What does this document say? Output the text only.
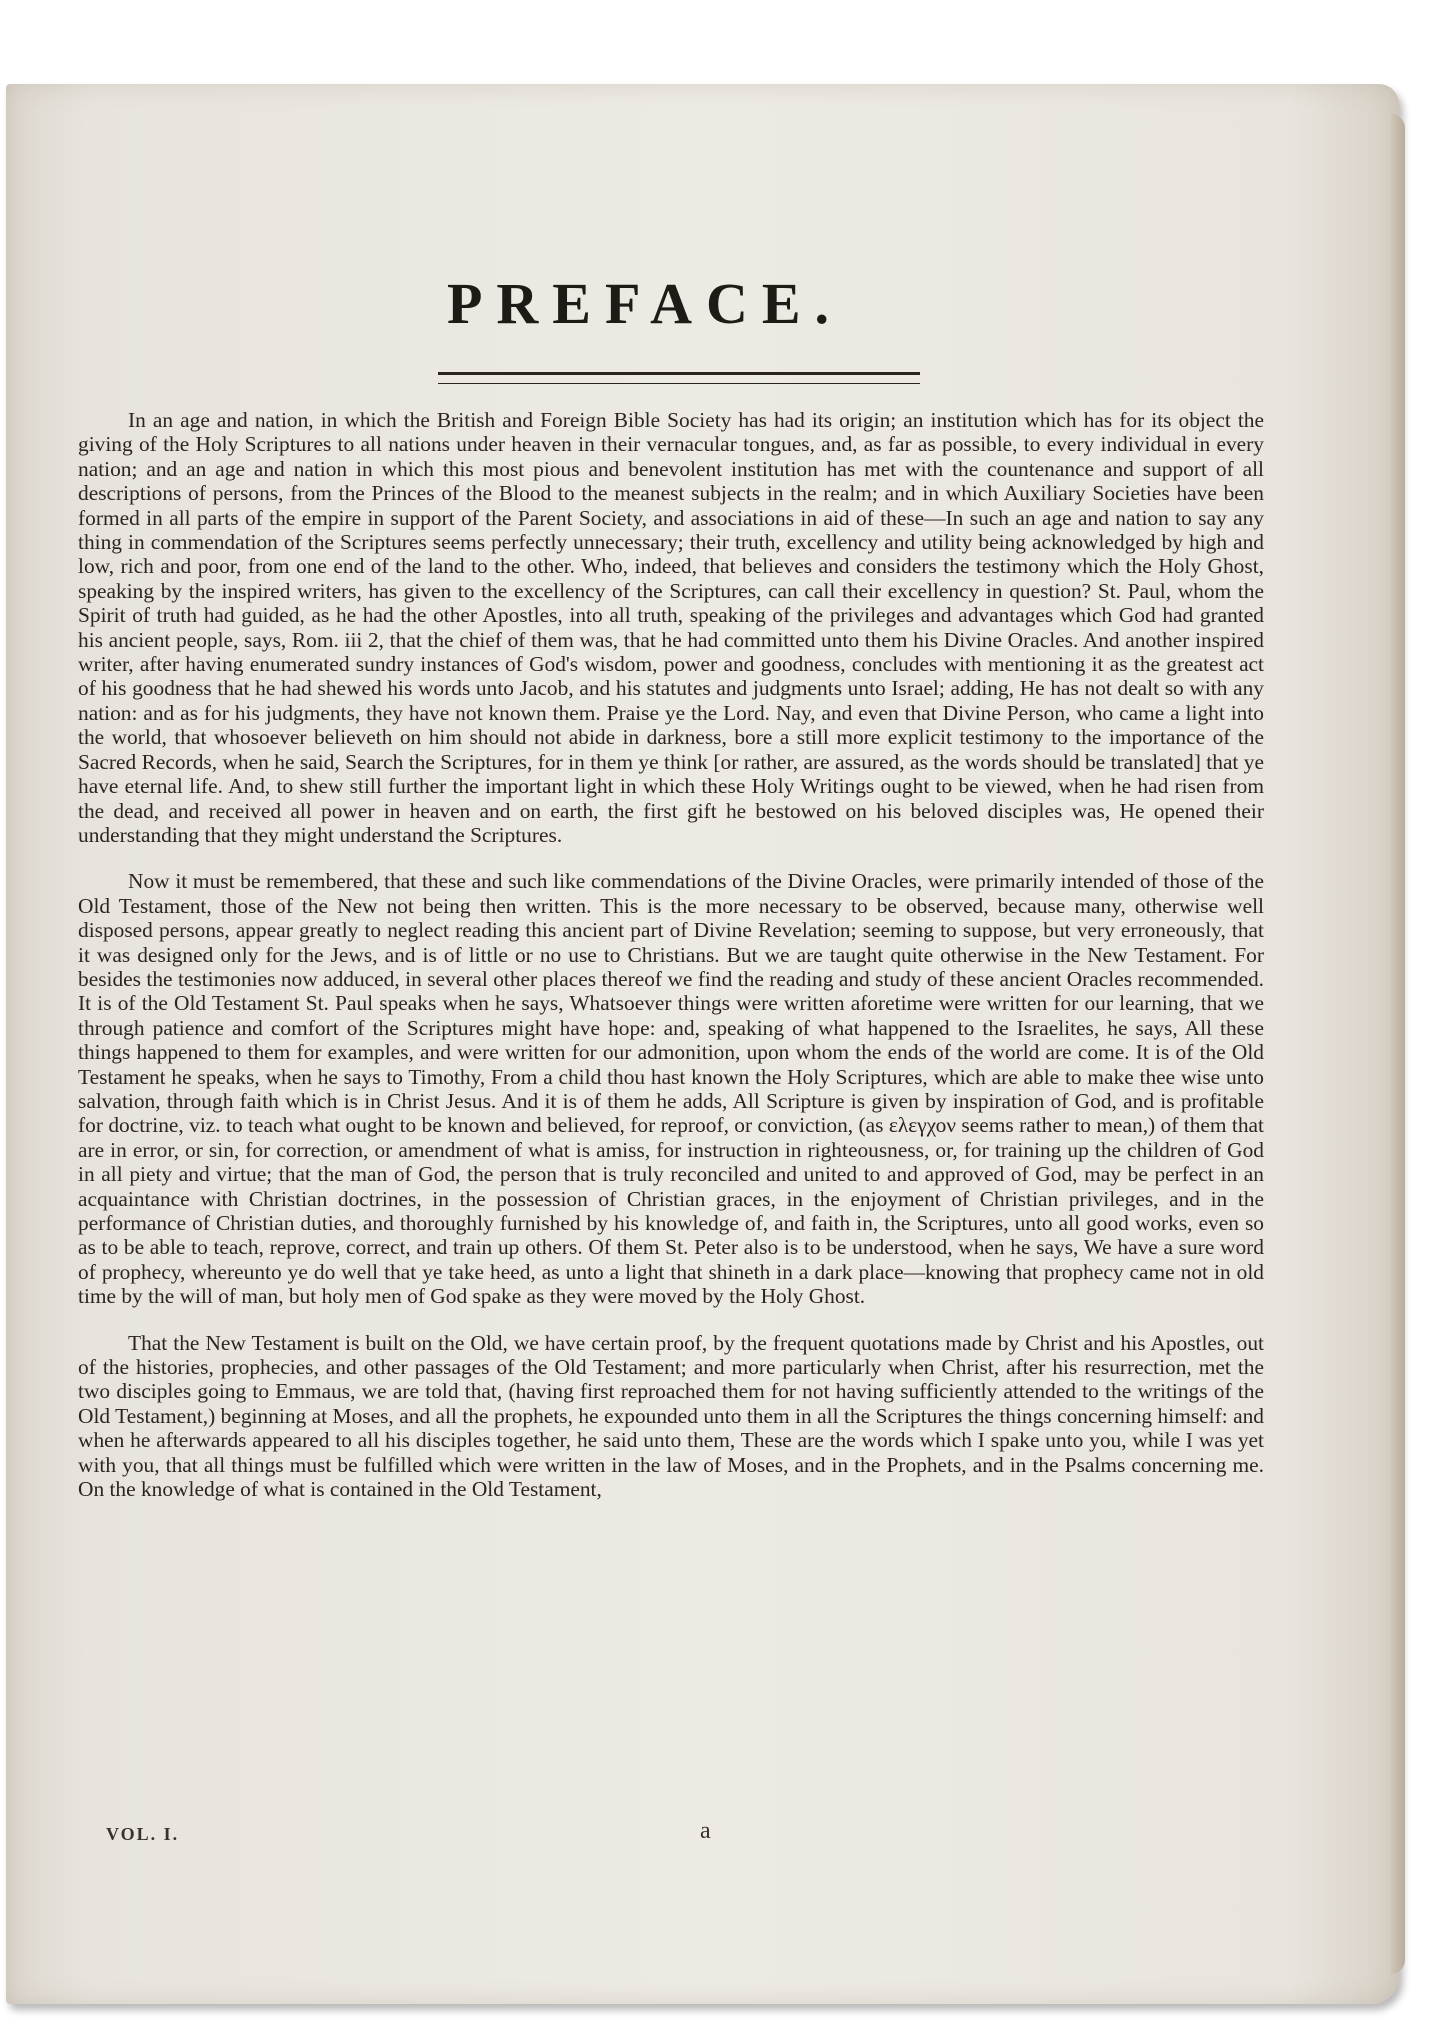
PREFACE.

In an age and nation, in which the British and Foreign Bible Society has had its origin; an institution which has for its object the giving of the Holy Scriptures to all nations under heaven in their vernacular tongues, and, as far as possible, to every individual in every nation; and an age and nation in which this most pious and benevolent institution has met with the countenance and support of all descriptions of persons, from the Princes of the Blood to the meanest subjects in the realm; and in which Auxiliary Societies have been formed in all parts of the empire in support of the Parent Society, and associations in aid of these—In such an age and nation to say any thing in commendation of the Scriptures seems perfectly unnecessary; their truth, excellency and utility being acknowledged by high and low, rich and poor, from one end of the land to the other. Who, indeed, that believes and considers the testimony which the Holy Ghost, speaking by the inspired writers, has given to the excellency of the Scriptures, can call their excellency in question? St. Paul, whom the Spirit of truth had guided, as he had the other Apostles, into all truth, speaking of the privileges and advantages which God had granted his ancient people, says, Rom. iii 2, that the chief of them was, that he had committed unto them his Divine Oracles. And another inspired writer, after having enumerated sundry instances of God's wisdom, power and goodness, concludes with mentioning it as the greatest act of his goodness that he had shewed his words unto Jacob, and his statutes and judgments unto Israel; adding, He has not dealt so with any nation: and as for his judgments, they have not known them. Praise ye the Lord. Nay, and even that Divine Person, who came a light into the world, that whosoever believeth on him should not abide in darkness, bore a still more explicit testimony to the importance of the Sacred Records, when he said, Search the Scriptures, for in them ye think [or rather, are assured, as the words should be translated] that ye have eternal life. And, to shew still further the important light in which these Holy Writings ought to be viewed, when he had risen from the dead, and received all power in heaven and on earth, the first gift he bestowed on his beloved disciples was, He opened their understanding that they might understand the Scriptures.

Now it must be remembered, that these and such like commendations of the Divine Oracles, were primarily intended of those of the Old Testament, those of the New not being then written. This is the more necessary to be observed, because many, otherwise well disposed persons, appear greatly to neglect reading this ancient part of Divine Revelation; seeming to suppose, but very erroneously, that it was designed only for the Jews, and is of little or no use to Christians. But we are taught quite otherwise in the New Testament. For besides the testimonies now adduced, in several other places thereof we find the reading and study of these ancient Oracles recommended. It is of the Old Testament St. Paul speaks when he says, Whatsoever things were written aforetime were written for our learning, that we through patience and comfort of the Scriptures might have hope: and, speaking of what happened to the Israelites, he says, All these things happened to them for examples, and were written for our admonition, upon whom the ends of the world are come. It is of the Old Testament he speaks, when he says to Timothy, From a child thou hast known the Holy Scriptures, which are able to make thee wise unto salvation, through faith which is in Christ Jesus. And it is of them he adds, All Scripture is given by inspiration of God, and is profitable for doctrine, viz. to teach what ought to be known and believed, for reproof, or conviction, (as ελεγχον seems rather to mean,) of them that are in error, or sin, for correction, or amendment of what is amiss, for instruction in righteousness, or, for training up the children of God in all piety and virtue; that the man of God, the person that is truly reconciled and united to and approved of God, may be perfect in an acquaintance with Christian doctrines, in the possession of Christian graces, in the enjoyment of Christian privileges, and in the performance of Christian duties, and thoroughly furnished by his knowledge of, and faith in, the Scriptures, unto all good works, even so as to be able to teach, reprove, correct, and train up others. Of them St. Peter also is to be understood, when he says, We have a sure word of prophecy, whereunto ye do well that ye take heed, as unto a light that shineth in a dark place—knowing that prophecy came not in old time by the will of man, but holy men of God spake as they were moved by the Holy Ghost.

That the New Testament is built on the Old, we have certain proof, by the frequent quotations made by Christ and his Apostles, out of the histories, prophecies, and other passages of the Old Testament; and more particularly when Christ, after his resurrection, met the two disciples going to Emmaus, we are told that, (having first reproached them for not having sufficiently attended to the writings of the Old Testament,) beginning at Moses, and all the prophets, he expounded unto them in all the Scriptures the things concerning himself: and when he afterwards appeared to all his disciples together, he said unto them, These are the words which I spake unto you, while I was yet with you, that all things must be fulfilled which were written in the law of Moses, and in the Prophets, and in the Psalms concerning me. On the knowledge of what is contained in the Old Testament,

VOL. I.	a
